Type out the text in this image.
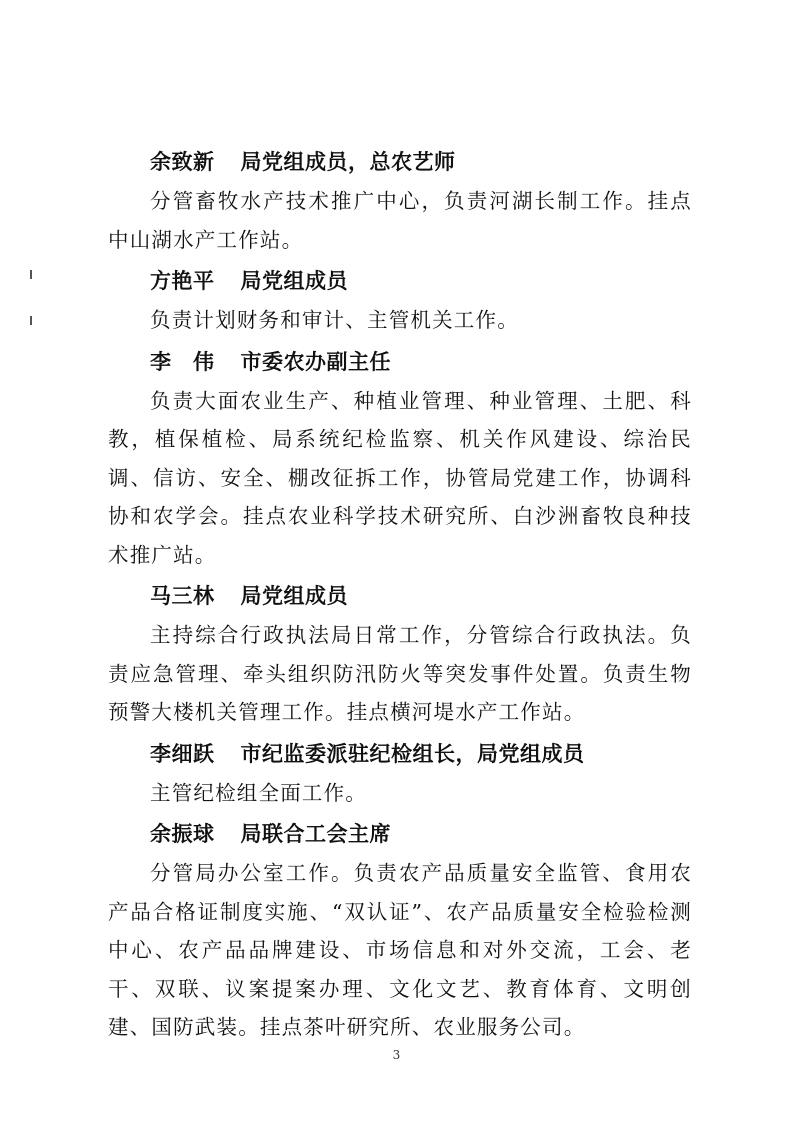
余致新 局党组成员，总农艺师

分管畜牧水产技术推广中心，负责河湖长制工作。挂点中山湖水产工作站。

方艳平 局党组成员

负责计划财务和审计、主管机关工作。

李　伟 市委农办副主任

负责大面农业生产、种植业管理、种业管理、土肥、科教，植保植检、局系统纪检监察、机关作风建设、综治民调、信访、安全、棚改征拆工作，协管局党建工作，协调科协和农学会。挂点农业科学技术研究所、白沙洲畜牧良种技术推广站。

马三林 局党组成员

主持综合行政执法局日常工作，分管综合行政执法。负责应急管理、牵头组织防汛防火等突发事件处置。负责生物预警大楼机关管理工作。挂点横河堤水产工作站。

李细跃 市纪监委派驻纪检组长，局党组成员

主管纪检组全面工作。

余振球 局联合工会主席

分管局办公室工作。负责农产品质量安全监管、食用农产品合格证制度实施、“双认证”、农产品质量安全检验检测中心、农产品品牌建设、市场信息和对外交流，工会、老干、双联、议案提案办理、文化文艺、教育体育、文明创建、国防武装。挂点茶叶研究所、农业服务公司。

3
